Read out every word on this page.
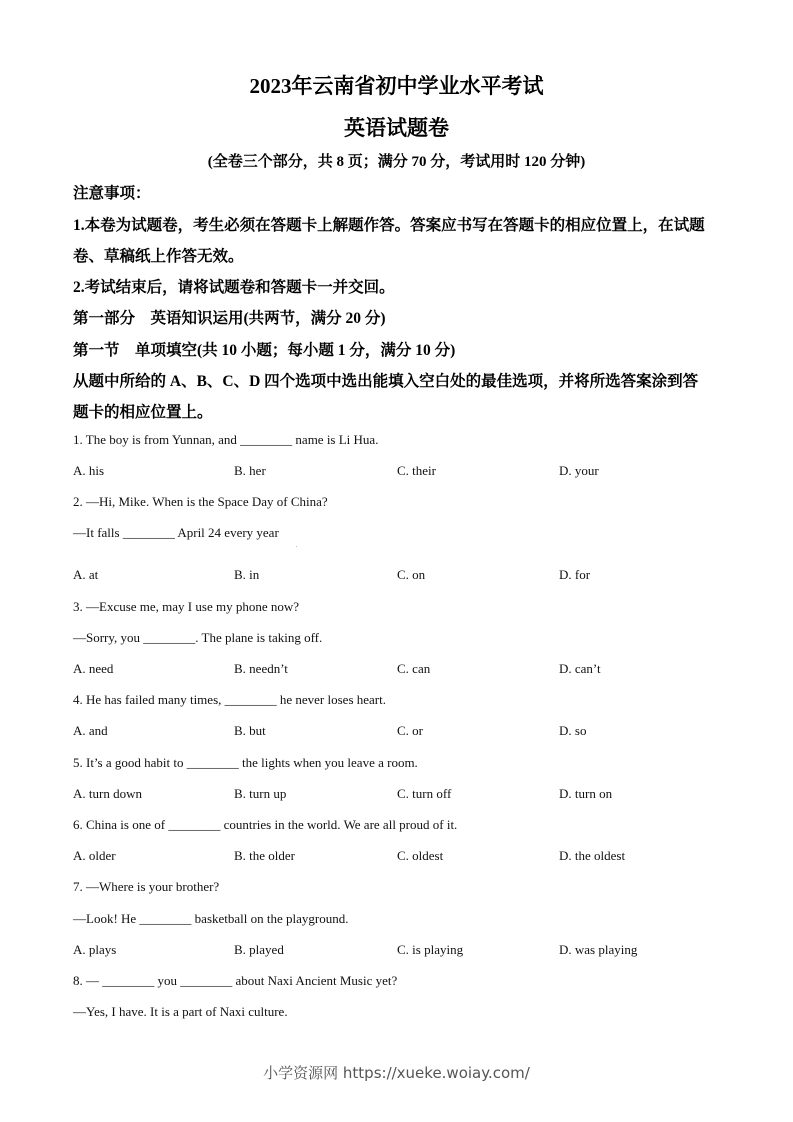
2023年云南省初中学业水平考试
英语试题卷
(全卷三个部分，共 8 页；满分 70 分，考试用时 120 分钟)
注意事项：
1.本卷为试题卷，考生必须在答题卡上解题作答。答案应书写在答题卡的相应位置上，在试题
卷、草稿纸上作答无效。
2.考试结束后，请将试题卷和答题卡一并交回。
第一部分　英语知识运用(共两节，满分 20 分)
第一节　单项填空(共 10 小题；每小题 1 分，满分 10 分)
从题中所给的 A、B、C、D 四个选项中选出能填入空白处的最佳选项，并将所选答案涂到答
题卡的相应位置上。
1. The boy is from Yunnan, and ________ name is Li Hua.
A. his	B. her	C. their	D. your
2. —Hi, Mike. When is the Space Day of China?
—It falls ________ April 24 every year
A. at	B. in	C. on	D. for
3. —Excuse me, may I use my phone now?
—Sorry, you ________. The plane is taking off.
A. need	B. needn’t	C. can	D. can’t
4. He has failed many times, ________ he never loses heart.
A. and	B. but	C. or	D. so
5. It’s a good habit to ________ the lights when you leave a room.
A. turn down	B. turn up	C. turn off	D. turn on
6. China is one of ________ countries in the world. We are all proud of it.
A. older	B. the older	C. oldest	D. the oldest
7. —Where is your brother?
—Look! He ________ basketball on the playground.
A. plays	B. played	C. is playing	D. was playing
8. — ________ you ________ about Naxi Ancient Music yet?
—Yes, I have. It is a part of Naxi culture.
小学资源网 https://xueke.woiay.com/
